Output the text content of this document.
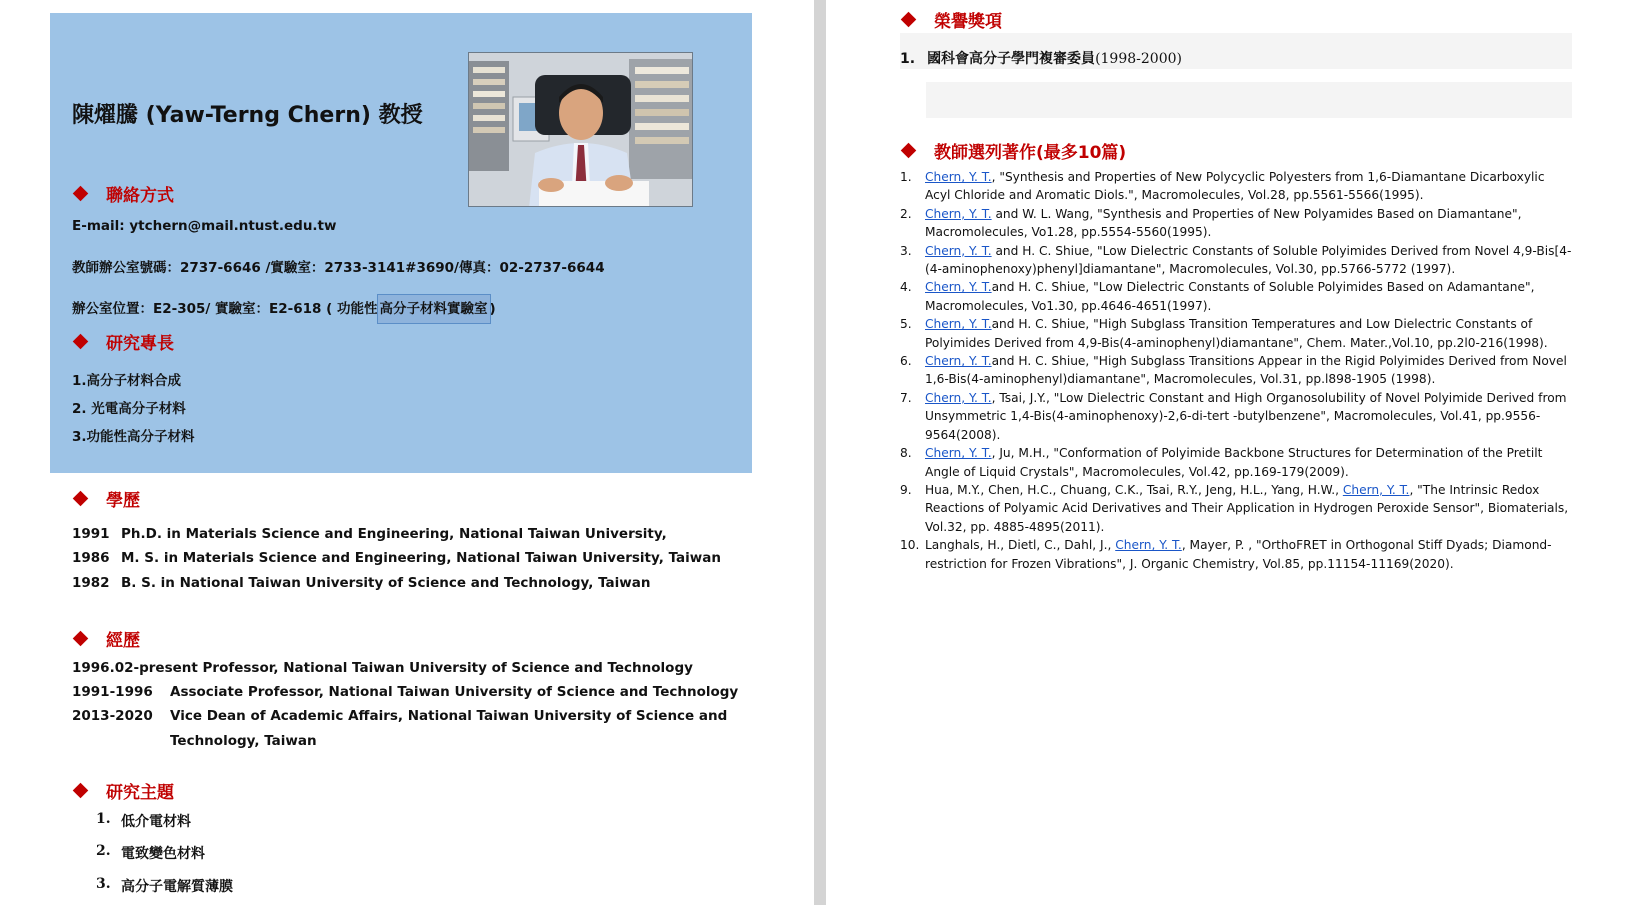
陳燿騰 (Yaw-Terng Chern) 教授
聯絡方式
E-mail: ytchern@mail.ntust.edu.tw
教師辦公室號碼：2737-6646 /實驗室：2733-3141#3690/傳真：02-2737-6644
辦公室位置：E2-305/ 實驗室：E2-618 ( 功能性 高分子材料實驗室 )
研究專長
1.高分子材料合成
2. 光電高分子材料
3.功能性高分子材料
學歷
1991 Ph.D. in Materials Science and Engineering, National Taiwan University,
1986 M. S. in Materials Science and Engineering, National Taiwan University, Taiwan
1982 B. S. in National Taiwan University of Science and Technology, Taiwan
經歷
1996.02-present Professor, National Taiwan University of Science and Technology
1991-1996 Associate Professor, National Taiwan University of Science and Technology
2013-2020 Vice Dean of Academic Affairs, National Taiwan University of Science and
Technology, Taiwan
研究主題
1. 低介電材料
2. 電致變色材料
3. 高分子電解質薄膜
榮譽獎項
1. 國科會高分子學門複審委員(1998-2000)
教師選列著作(最多10篇)
1.	Chern, Y. T., "Synthesis and Properties of New Polycyclic Polyesters from 1,6-Diamantane Dicarboxylic Acyl Chloride and Aromatic Diols.", Macromolecules, Vol.28, pp.5561-5566(1995).
2.	Chern, Y. T. and W. L. Wang, "Synthesis and Properties of New Polyamides Based on Diamantane", Macromolecules, Vo1.28, pp.5554-5560(1995).
3.	Chern, Y. T. and H. C. Shiue, "Low Dielectric Constants of Soluble Polyimides Derived from Novel 4,9-Bis[4-(4-aminophenoxy)phenyl]diamantane", Macromolecules, Vol.30, pp.5766-5772 (1997).
4.	Chern, Y. T.and H. C. Shiue, "Low Dielectric Constants of Soluble Polyimides Based on Adamantane", Macromolecules, Vo1.30, pp.4646-4651(1997).
5.	Chern, Y. T.and H. C. Shiue, "High Subglass Transition Temperatures and Low Dielectric Constants of Polyimides Derived from 4,9-Bis(4-aminophenyl)diamantane", Chem. Mater.,Vol.10, pp.2l0-216(1998).
6.	Chern, Y. T.and H. C. Shiue, "High Subglass Transitions Appear in the Rigid Polyimides Derived from Novel 1,6-Bis(4-aminophenyl)diamantane", Macromolecules, Vol.31, pp.l898-1905 (1998).
7.	Chern, Y. T., Tsai, J.Y., "Low Dielectric Constant and High Organosolubility of Novel Polyimide Derived from Unsymmetric 1,4-Bis(4-aminophenoxy)-2,6-di-tert -butylbenzene", Macromolecules, Vol.41, pp.9556-9564(2008).
8.	Chern, Y. T., Ju, M.H., "Conformation of Polyimide Backbone Structures for Determination of the Pretilt Angle of Liquid Crystals", Macromolecules, Vol.42, pp.169-179(2009).
9.	Hua, M.Y., Chen, H.C., Chuang, C.K., Tsai, R.Y., Jeng, H.L., Yang, H.W., Chern, Y. T., "The Intrinsic Redox Reactions of Polyamic Acid Derivatives and Their Application in Hydrogen Peroxide Sensor", Biomaterials, Vol.32, pp. 4885-4895(2011).
10. Langhals, H., Dietl, C., Dahl, J., Chern, Y. T., Mayer, P. , "OrthoFRET in Orthogonal Stiff Dyads; Diamond-restriction for Frozen Vibrations", J. Organic Chemistry, Vol.85, pp.11154-11169(2020).
